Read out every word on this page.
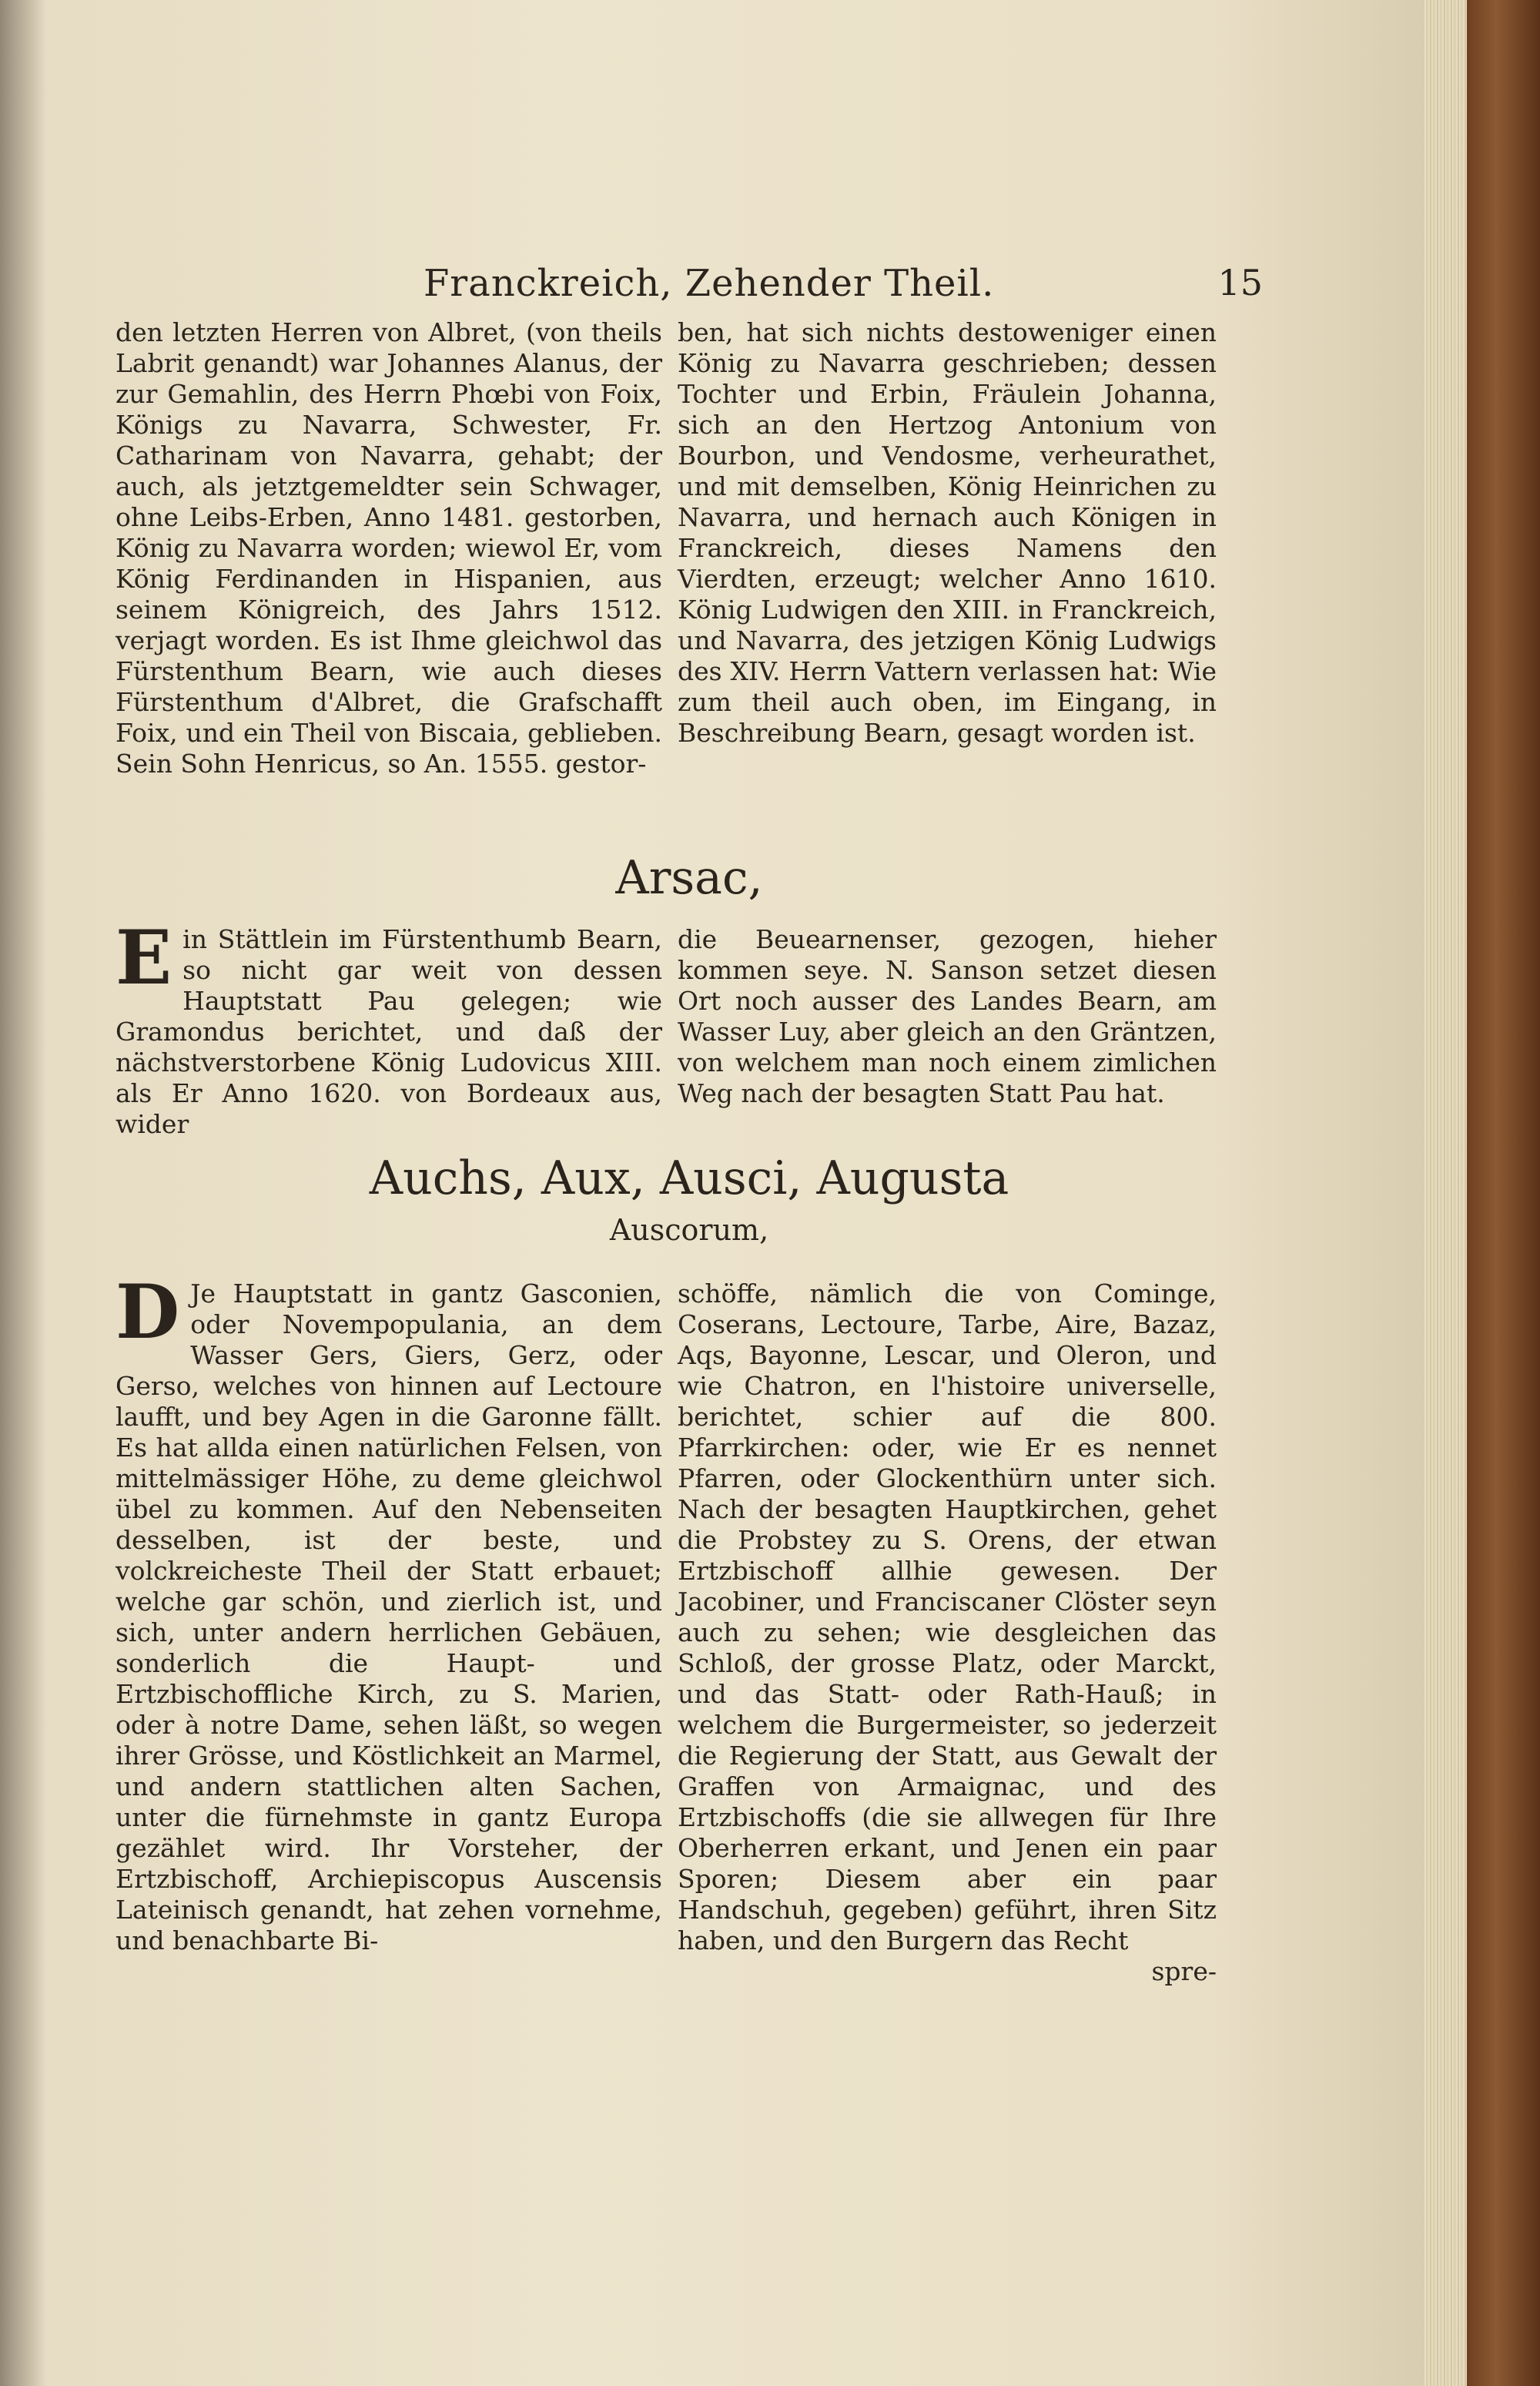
Franckreich, Zehender Theil.	15

den letzten Herren von Albret, (von theils Labrit genandt) war Johannes Alanus, der zur Gemahlin, des Herrn Phœbi von Foix, Königs zu Navarra, Schwester, Fr. Catharinam von Navarra, gehabt; der auch, als jetztgemeldter sein Schwager, ohne Leibs-Erben, Anno 1481. gestorben, König zu Navarra worden; wiewol Er, vom König Ferdinanden in Hispanien, aus seinem Königreich, des Jahrs 1512. verjagt worden. Es ist Ihme gleichwol das Fürstenthum Bearn, wie auch dieses Fürstenthum d'Albret, die Grafschafft Foix, und ein Theil von Biscaia, geblieben. Sein Sohn Henricus, so An. 1555. gestor-

ben, hat sich nichts destoweniger einen König zu Navarra geschrieben; dessen Tochter und Erbin, Fräulein Johanna, sich an den Hertzog Antonium von Bourbon, und Vendosme, verheurathet, und mit demselben, König Heinrichen zu Navarra, und hernach auch Königen in Franckreich, dieses Namens den Vierdten, erzeugt; welcher Anno 1610. König Ludwigen den XIII. in Franckreich, und Navarra, des jetzigen König Ludwigs des XIV. Herrn Vattern verlassen hat: Wie zum theil auch oben, im Eingang, in Beschreibung Bearn, gesagt worden ist.

Arsac,

E in Stättlein im Fürstenthumb Bearn, so nicht gar weit von dessen Hauptstatt Pau gelegen; wie Gramondus berichtet, und daß der nächstverstorbene König Ludovicus XIII. als Er Anno 1620. von Bordeaux aus, wider

die Beuearnenser, gezogen, hieher kommen seye. N. Sanson setzet diesen Ort noch ausser des Landes Bearn, am Wasser Luy, aber gleich an den Gräntzen, von welchem man noch einem zimlichen Weg nach der besagten Statt Pau hat.

Auchs, Aux, Ausci, Augusta
Auscorum,

D Je Hauptstatt in gantz Gasconien, oder Novempopulania, an dem Wasser Gers, Giers, Gerz, oder Gerso, welches von hinnen auf Lectoure laufft, und bey Agen in die Garonne fällt. Es hat allda einen natürlichen Felsen, von mittelmässiger Höhe, zu deme gleichwol übel zu kommen. Auf den Nebenseiten desselben, ist der beste, und volckreicheste Theil der Statt erbauet; welche gar schön, und zierlich ist, und sich, unter andern herrlichen Gebäuen, sonderlich die Haupt- und Ertzbischoffliche Kirch, zu S. Marien, oder à notre Dame, sehen läßt, so wegen ihrer Grösse, und Köstlichkeit an Marmel, und andern stattlichen alten Sachen, unter die fürnehmste in gantz Europa gezählet wird. Ihr Vorsteher, der Ertzbischoff, Archiepiscopus Auscensis Lateinisch genandt, hat zehen vornehme, und benachbarte Bi-

schöffe, nämlich die von Cominge, Coserans, Lectoure, Tarbe, Aire, Bazaz, Aqs, Bayonne, Lescar, und Oleron, und wie Chatron, en l'histoire universelle, berichtet, schier auf die 800. Pfarrkirchen: oder, wie Er es nennet Pfarren, oder Glockenthürn unter sich. Nach der besagten Hauptkirchen, gehet die Probstey zu S. Orens, der etwan Ertzbischoff allhie gewesen. Der Jacobiner, und Franciscaner Clöster seyn auch zu sehen; wie desgleichen das Schloß, der grosse Platz, oder Marckt, und das Statt- oder Rath-Hauß; in welchem die Burgermeister, so jederzeit die Regierung der Statt, aus Gewalt der Graffen von Armaignac, und des Ertzbischoffs (die sie allwegen für Ihre Oberherren erkant, und Jenen ein paar Sporen; Diesem aber ein paar Handschuh, gegeben) geführt, ihren Sitz haben, und den Burgern das Recht

spre-
